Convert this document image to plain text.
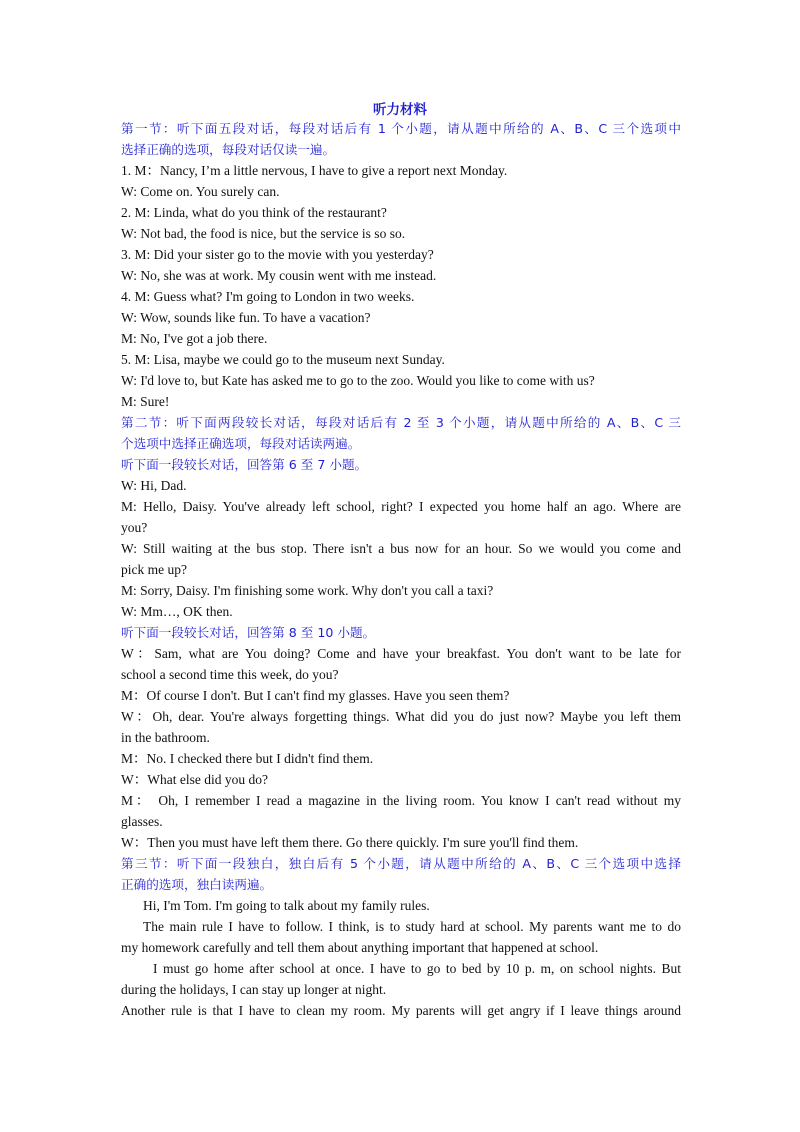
听力材料
第一节：听下面五段对话，每段对话后有 1 个小题，请从题中所给的 A、B、C 三个选项中
选择正确的选项，每段对话仅读一遍。
1. M：Nancy, I’m a little nervous, I have to give a report next Monday.
W: Come on. You surely can.
2. M: Linda, what do you think of the restaurant?
W: Not bad, the food is nice, but the service is so so.
3. M: Did your sister go to the movie with you yesterday?
W: No, she was at work. My cousin went with me instead.
4. M: Guess what? I'm going to London in two weeks.
W: Wow, sounds like fun. To have a vacation?
M: No, I've got a job there.
5. M: Lisa, maybe we could go to the museum next Sunday.
W: I'd love to, but Kate has asked me to go to the zoo. Would you like to come with us?
M: Sure!
第二节：听下面两段较长对话，每段对话后有 2 至 3 个小题，请从题中所给的 A、B、C 三
个选项中选择正确选项，每段对话读两遍。
听下面一段较长对话，回答第 6 至 7 小题。
W: Hi, Dad.
M: Hello, Daisy. You've already left school, right? I expected you home half an ago. Where are
you?
W: Still waiting at the bus stop. There isn't a bus now for an hour. So we would you come and
pick me up?
M: Sorry, Daisy. I'm finishing some work. Why don't you call a taxi?
W: Mm…, OK then.
听下面一段较长对话，回答第 8 至 10 小题。
W：Sam, what are You doing? Come and have your breakfast. You don't want to be late for
school a second time this week, do you?
M：Of course I don't. But I can't find my glasses. Have you seen them?
W：Oh, dear. You're always forgetting things. What did you do just now? Maybe you left them
in the bathroom.
M：No. I checked there but I didn't find them.
W：What else did you do?
M： Oh, I remember I read a magazine in the living room. You know I can't read without my
glasses.
W：Then you must have left them there. Go there quickly. I'm sure you'll find them.
第三节：听下面一段独白，独白后有 5 个小题，请从题中所给的 A、B、C 三个选项中选择
正确的选项，独白读两遍。
Hi, I'm Tom. I'm going to talk about my family rules.
The main rule I have to follow. I think, is to study hard at school. My parents want me to do
my homework carefully and tell them about anything important that happened at school.
I must go home after school at once. I have to go to bed by 10 p. m, on school nights. But
during the holidays, I can stay up longer at night.
Another rule is that I have to clean my room. My parents will get angry if I leave things around
